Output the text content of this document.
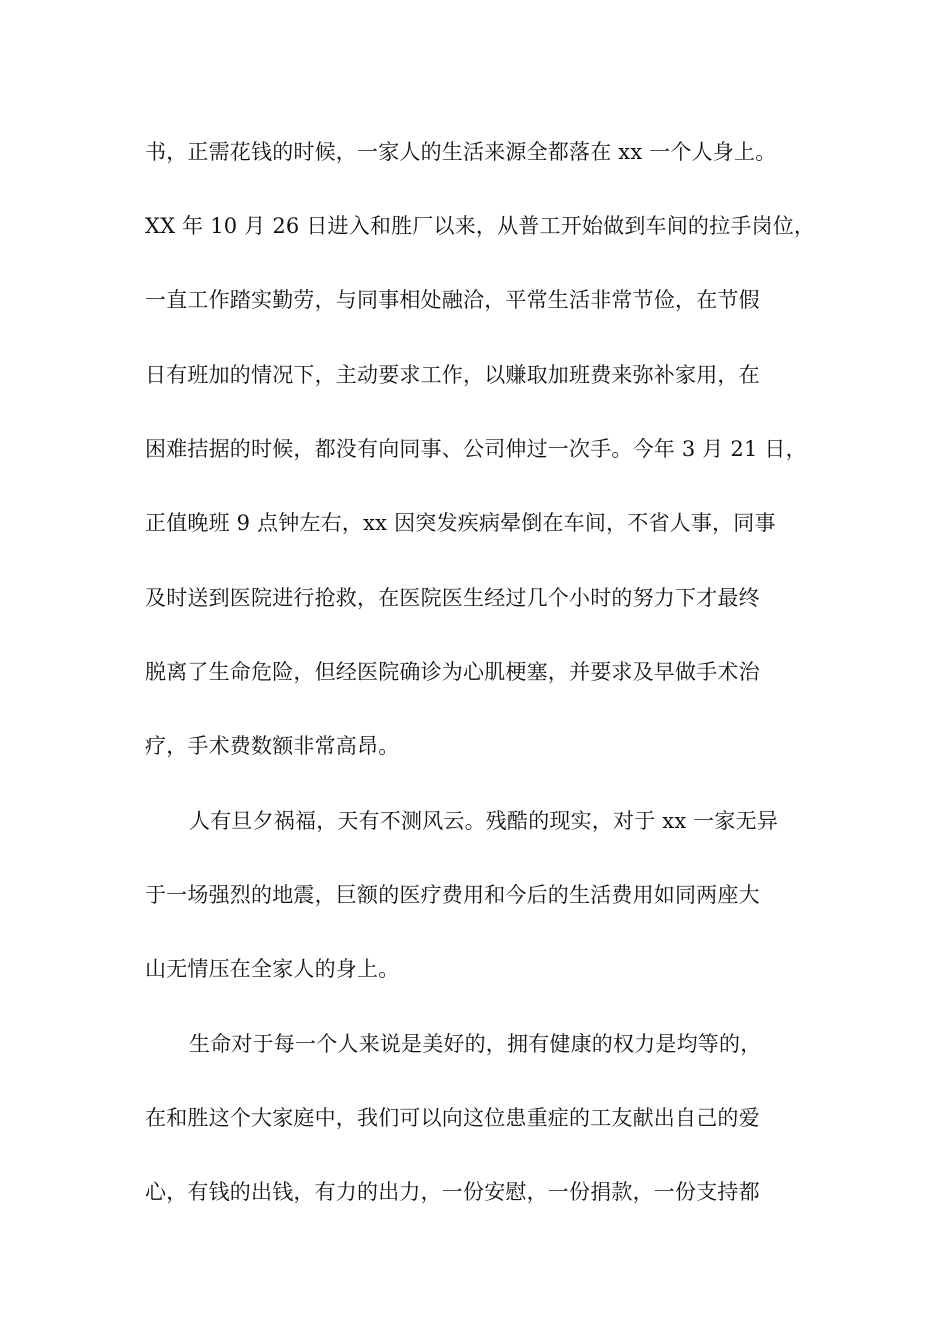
书，正需花钱的时候，一家人的生活来源全都落在 xx 一个人身上。
XX 年 10 月 26 日进入和胜厂以来，从普工开始做到车间的拉手岗位，
一直工作踏实勤劳，与同事相处融洽，平常生活非常节俭，在节假
日有班加的情况下，主动要求工作，以赚取加班费来弥补家用，在
困难拮据的时候，都没有向同事、公司伸过一次手。今年 3 月 21 日，
正值晚班 9 点钟左右，xx 因突发疾病晕倒在车间，不省人事，同事
及时送到医院进行抢救，在医院医生经过几个小时的努力下才最终
脱离了生命危险，但经医院确诊为心肌梗塞，并要求及早做手术治
疗，手术费数额非常高昂。
人有旦夕祸福，天有不测风云。残酷的现实，对于 xx 一家无异
于一场强烈的地震，巨额的医疗费用和今后的生活费用如同两座大
山无情压在全家人的身上。
生命对于每一个人来说是美好的，拥有健康的权力是均等的，
在和胜这个大家庭中，我们可以向这位患重症的工友献出自己的爱
心，有钱的出钱，有力的出力，一份安慰，一份捐款，一份支持都
